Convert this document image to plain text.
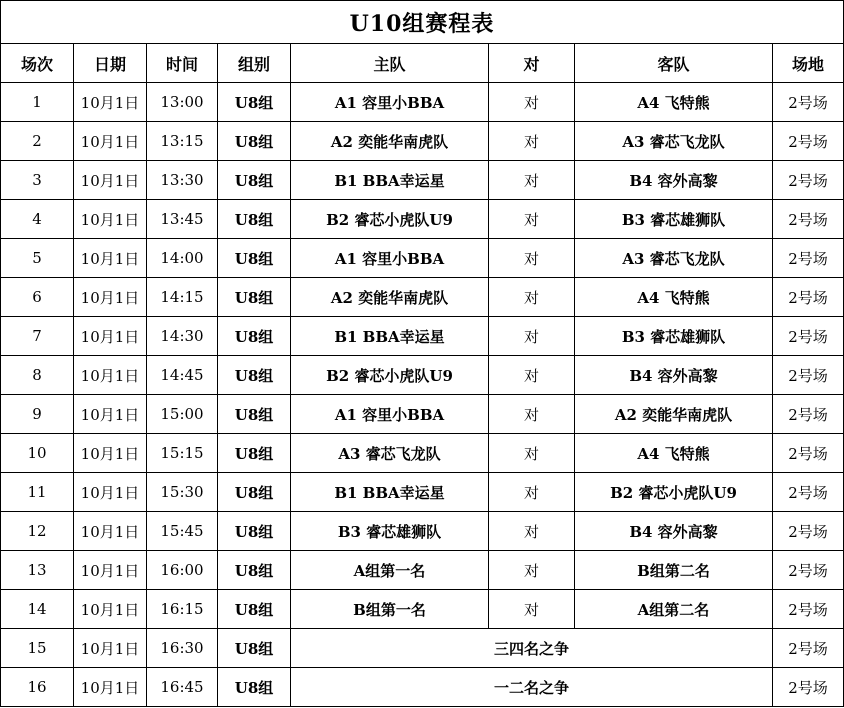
U10组赛程表							
场次	日期	时间	组别	主队	对	客队	场地
1	10月1日	13:00	U8组	A1 容里小BBA	对	A4 飞特熊	2号场
2	10月1日	13:15	U8组	A2 奕能华南虎队	对	A3 睿芯飞龙队	2号场
3	10月1日	13:30	U8组	B1 BBA幸运星	对	B4 容外高黎	2号场
4	10月1日	13:45	U8组	B2 睿芯小虎队U9	对	B3 睿芯雄狮队	2号场
5	10月1日	14:00	U8组	A1 容里小BBA	对	A3 睿芯飞龙队	2号场
6	10月1日	14:15	U8组	A2 奕能华南虎队	对	A4 飞特熊	2号场
7	10月1日	14:30	U8组	B1 BBA幸运星	对	B3 睿芯雄狮队	2号场
8	10月1日	14:45	U8组	B2 睿芯小虎队U9	对	B4 容外高黎	2号场
9	10月1日	15:00	U8组	A1 容里小BBA	对	A2 奕能华南虎队	2号场
10	10月1日	15:15	U8组	A3 睿芯飞龙队	对	A4 飞特熊	2号场
11	10月1日	15:30	U8组	B1 BBA幸运星	对	B2 睿芯小虎队U9	2号场
12	10月1日	15:45	U8组	B3 睿芯雄狮队	对	B4 容外高黎	2号场
13	10月1日	16:00	U8组	A组第一名	对	B组第二名	2号场
14	10月1日	16:15	U8组	B组第一名	对	A组第二名	2号场
15	10月1日	16:30	U8组	三四名之争			2号场
16	10月1日	16:45	U8组	一二名之争			2号场
